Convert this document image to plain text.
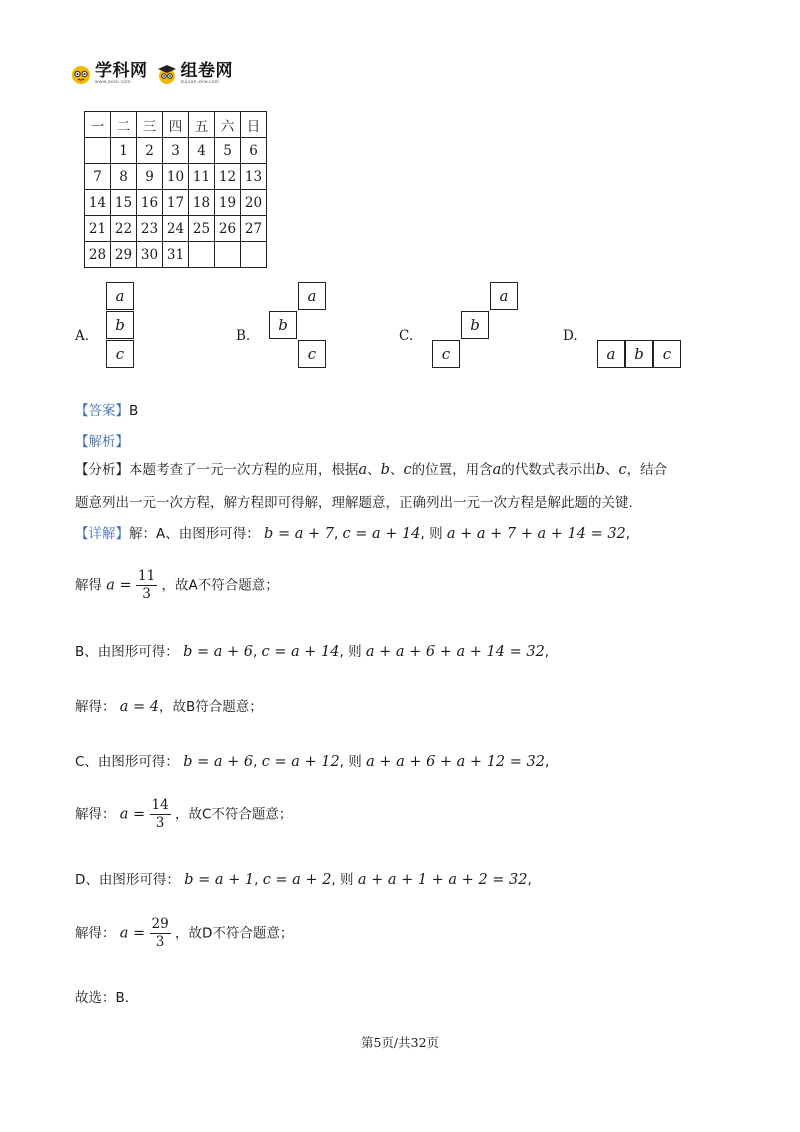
学科网
www.zxxk.com
组卷网
zujuan.xkw.com
一	二	三	四	五	六	日
	1	2	3	4	5	6
7	8	9	10	11	12	13
14	15	16	17	18	19	20
21	22	23	24	25	26	27
28	29	30	31			
A.
a
b
c
B.
a
b
c
C.
a
b
c
D.
a	b	c
【答案】B
【解析】
【分析】本题考查了一元一次方程的应用，根据a、b、c的位置，用含a的代数式表示出b、c，结合
题意列出一元一次方程，解方程即可得解，理解题意，正确列出一元一次方程是解此题的关键.
【详解】解：A、由图形可得： b = a + 7, c = a + 14, 则 a + a + 7 + a + 14 = 32,
解得 $a = \frac{11}{3}$ ，故A不符合题意；
B、由图形可得： b = a + 6, c = a + 14, 则 a + a + 6 + a + 14 = 32,
解得： a = 4，故B符合题意；
C、由图形可得： b = a + 6, c = a + 12, 则 a + a + 6 + a + 12 = 32,
解得： $a = \frac{14}{3}$ ，故C不符合题意；
D、由图形可得： b = a + 1, c = a + 2, 则 a + a + 1 + a + 2 = 32,
解得： $a = \frac{29}{3}$ ，故D不符合题意；
故选：B.
第5页/共32页
